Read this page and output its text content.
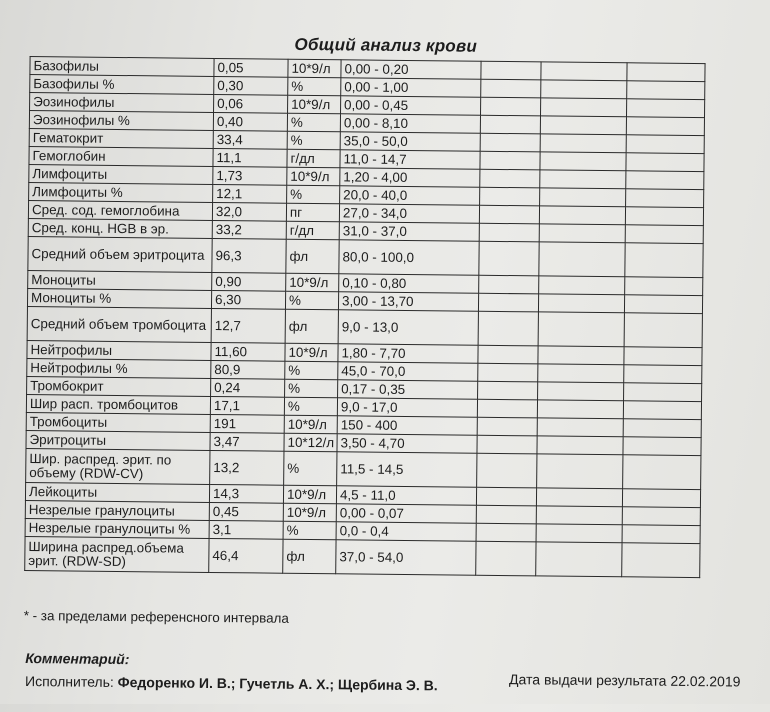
Общий анализ крови
Базофилы	0,05	10*9/л	0,00 - 0,20			
Базофилы %	0,30	%	0,00 - 1,00			
Эозинофилы	0,06	10*9/л	0,00 - 0,45			
Эозинофилы %	0,40	%	0,00 - 8,10			
Гематокрит	33,4	%	35,0 - 50,0			
Гемоглобин	11,1	г/дл	11,0 - 14,7			
Лимфоциты	1,73	10*9/л	1,20 - 4,00			
Лимфоциты %	12,1	%	20,0 - 40,0			
Сред. сод. гемоглобина	32,0	пг	27,0 - 34,0			
Сред. конц. HGB в эр.	33,2	г/дл	31,0 - 37,0			
Средний объем эритроцита	96,3	фл	80,0 - 100,0			
Моноциты	0,90	10*9/л	0,10 - 0,80			
Моноциты %	6,30	%	3,00 - 13,70			
Средний объем тромбоцита	12,7	фл	9,0 - 13,0			
Нейтрофилы	11,60	10*9/л	1,80 - 7,70			
Нейтрофилы %	80,9	%	45,0 - 70,0			
Тромбокрит	0,24	%	0,17 - 0,35			
Шир расп. тромбоцитов	17,1	%	9,0 - 17,0			
Тромбоциты	191	10*9/л	150 - 400			
Эритроциты	3,47	10*12/л	3,50 - 4,70			
Шир. распред. эрит. по объему (RDW-CV)	13,2	%	11,5 - 14,5			
Лейкоциты	14,3	10*9/л	4,5 - 11,0			
Незрелые гранулоциты	0,45	10*9/л	0,00 - 0,07			
Незрелые гранулоциты %	3,1	%	0,0 - 0,4			
Ширина распред.объема эрит. (RDW-SD)	46,4	фл	37,0 - 54,0			
* - за пределами референсного интервала
Комментарий:
Исполнитель: Федоренко И. В.; Гучетль А. Х.; Щербина Э. В.	Дата выдачи результата 22.02.2019
